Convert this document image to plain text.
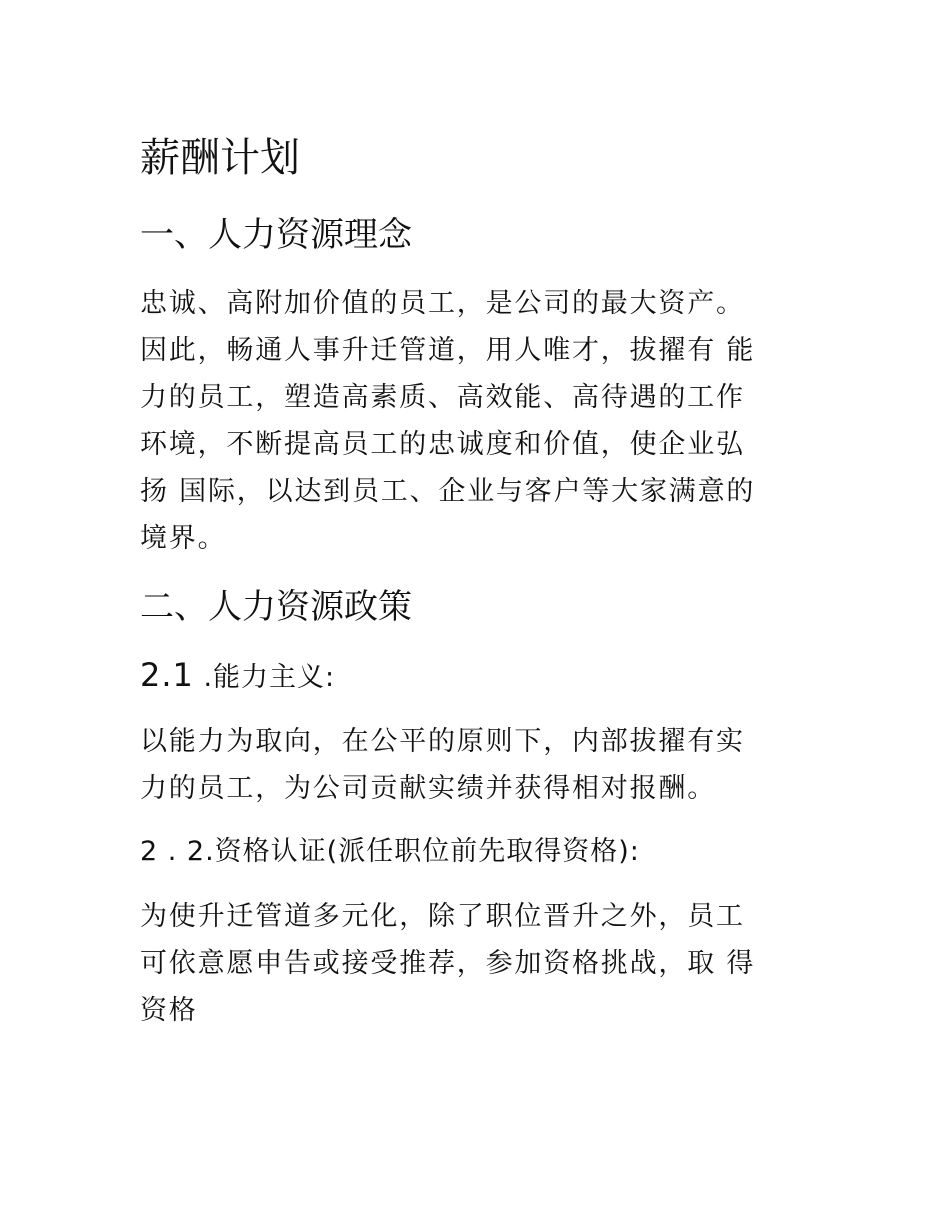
薪酬计划
一、人力资源理念
忠诚、高附加价值的员工，是公司的最大资产。
因此，畅通人事升迁管道，用人唯才，拔擢有 能
力的员工，塑造高素质、高效能、高待遇的工作
环境，不断提高员工的忠诚度和价值，使企业弘
扬 国际，以达到员工、企业与客户等大家满意的
境界。
二、人力资源政策
2.1 .能力主义:
以能力为取向，在公平的原则下，内部拔擢有实
力的员工，为公司贡献实绩并获得相对报酬。
2 . 2.资格认证(派任职位前先取得资格):
为使升迁管道多元化，除了职位晋升之外，员工
可依意愿申告或接受推荐，参加资格挑战，取 得
资格
